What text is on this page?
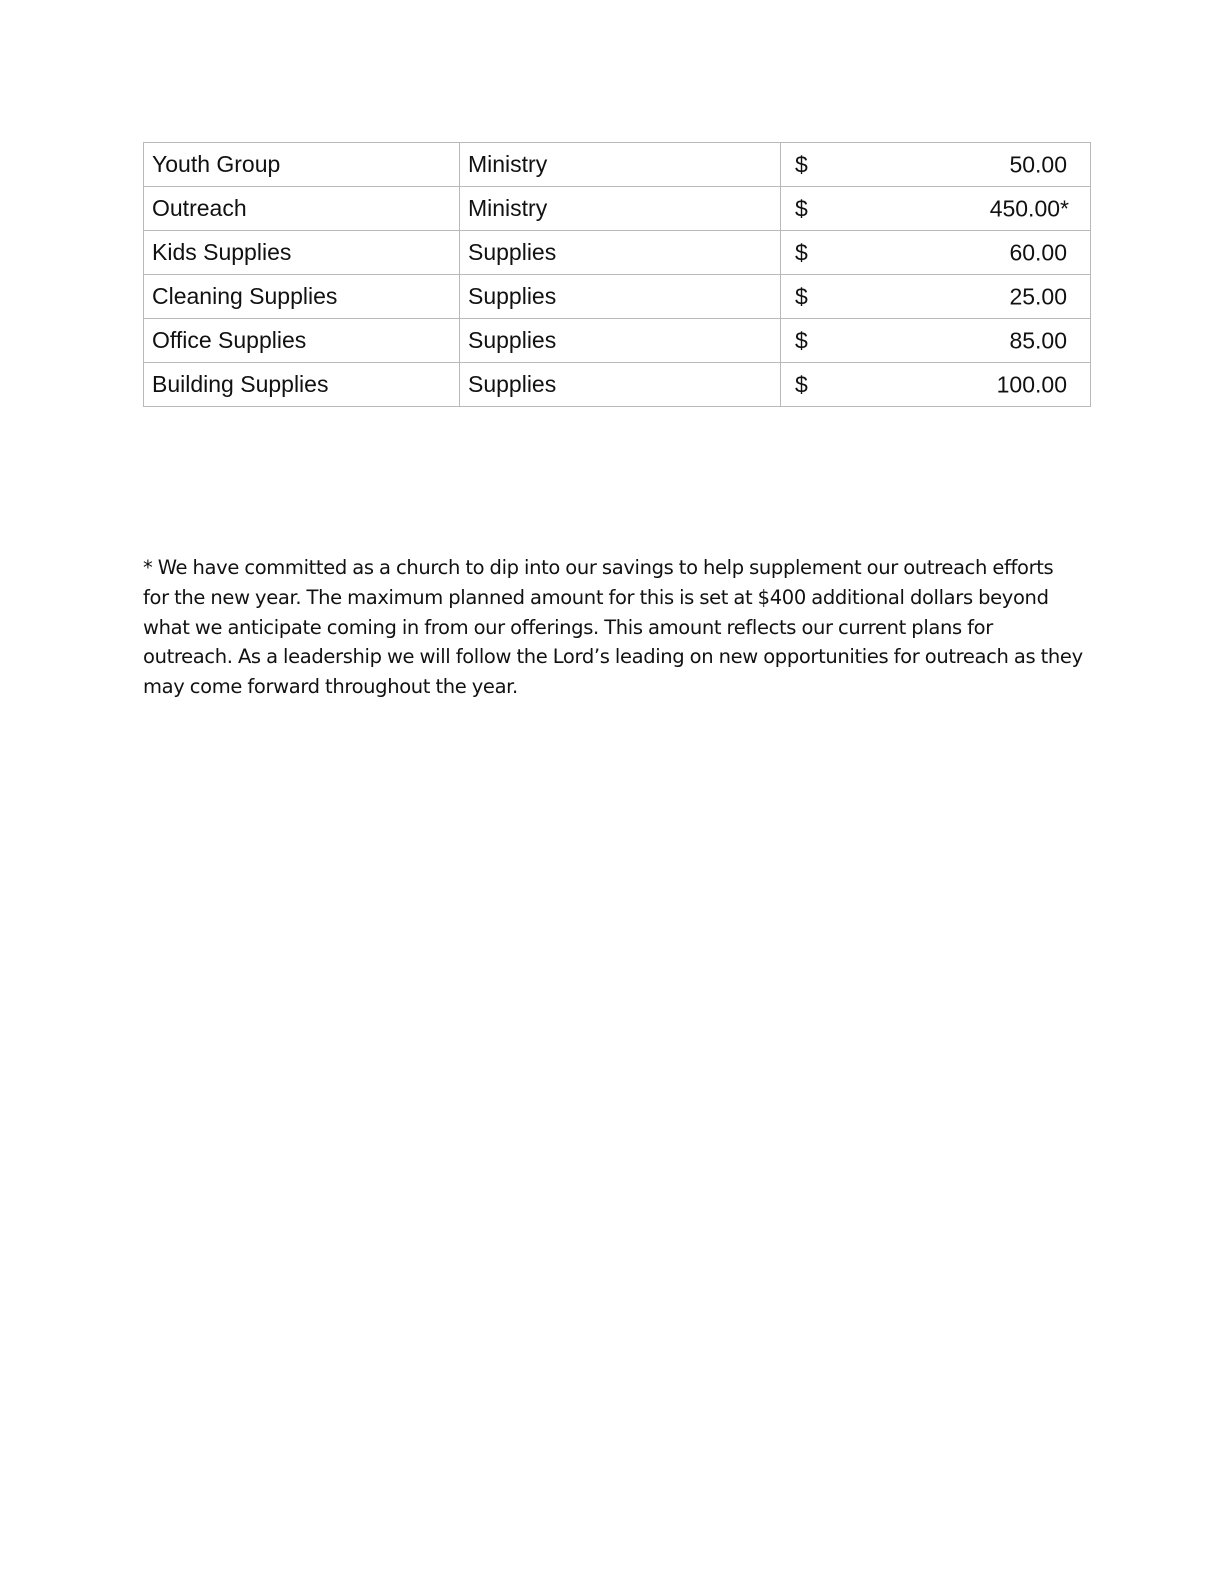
Youth Group	Ministry	$ 50.00

Outreach	Ministry	$ 450.00*

Kids Supplies	Supplies	$ 60.00

Cleaning Supplies	Supplies	$ 25.00

Office Supplies	Supplies	$ 85.00

Building Supplies	Supplies	$ 100.00

* We have committed as a church to dip into our savings to help supplement our outreach efforts for the new year. The maximum planned amount for this is set at $400 additional dollars beyond what we anticipate coming in from our offerings. This amount reflects our current plans for outreach. As a leadership we will follow the Lord’s leading on new opportunities for outreach as they may come forward throughout the year.
